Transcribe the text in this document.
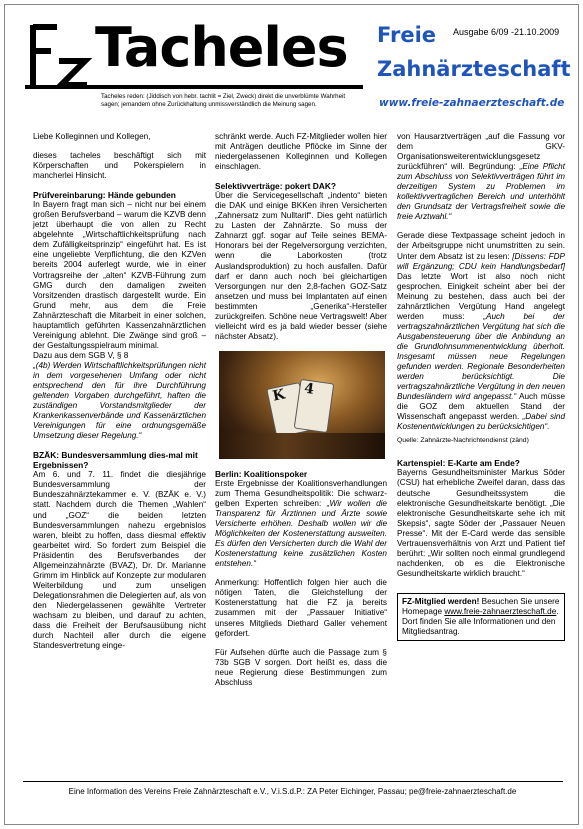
Tacheles
Tacheles reden: (Jiddisch von hebr. tachlit = Ziel, Zweck) direkt die unverblümte Wahrheit sagen; jemandem ohne Zurückhaltung unmissverständlich die Meinung sagen.
Freie Ausgabe 6/09 -21.10.2009
Zahnärzteschaft
www.freie-zahnaerzteschaft.de

Liebe Kolleginnen und Kollegen,

dieses tacheles beschäftigt sich mit Körperschaften und Pokerspielern in mancherlei Hinsicht.

Prüfvereinbarung: Hände gebunden

In Bayern fragt man sich – nicht nur bei einem großen Berufsverband – warum die KZVB denn jetzt überhaupt die von allen zu Recht abgelehnte „Wirtschaftlichkeitsprüfung nach dem Zufälligkeitsprinzip“ eingeführt hat. Es ist eine ungeliebte Verpflichtung, die den KZVen bereits 2004 auferlegt wurde, wie in einer Vortragsreihe der „alten“ KZVB-Führung zum GMG durch den damaligen zweiten Vorsitzenden drastisch dargestellt wurde. Ein Grund mehr, aus dem die Freie Zahnärzteschaft die Mitarbeit in einer solchen, hauptamtlich geführten Kassenzahnärztlichen Vereinigung ablehnt. Die Zwänge sind groß – der Gestaltungsspielraum minimal.

Dazu aus dem SGB V, § 8

„(4b) Werden Wirtschaftlichkeitsprüfungen nicht in dem vorgesehenen Umfang oder nicht entsprechend den für ihre Durchführung geltenden Vorgaben durchgeführt, haften die zuständigen Vorstandsmitglieder der Krankenkassenverbände und Kassenärztlichen Vereinigungen für eine ordnungsgemäße Umsetzung dieser Regelung.“

BZÄK: Bundesversammlung dies-mal mit Ergebnissen?

Am 6. und 7. 11. findet die diesjährige Bundesversammlung der Bundeszahnärztekammer e. V. (BZÄK e. V.) statt. Nachdem durch die Themen „Wahlen“ und „GOZ“ die beiden letzten Bundesversammlungen nahezu ergebnislos waren, bleibt zu hoffen, dass diesmal effektiv gearbeitet wird. So fordert zum Beispiel die Präsidentin des Berufsverbandes der Allgemeinzahnärzte (BVAZ), Dr. Dr. Marianne Grimm im Hinblick auf Konzepte zur modularen Weiterbildung und zum unseligen Delegationsrahmen die Delegierten auf, als von den Niedergelassenen gewählte Vertreter wachsam zu bleiben, und darauf zu achten, dass die Freiheit der Berufsausübung nicht durch Nachteil aller durch die eigene Standesvertretung einge-

schränkt werde. Auch FZ-Mitglieder wollen hier mit Anträgen deutliche Pflöcke im Sinne der niedergelassenen Kolleginnen und Kollegen einschlagen.

Selektivverträge: pokert DAK?

Über die Servicegesellschaft „indento“ bieten die DAK und einige BKKen ihren Versicherten „Zahnersatz zum Nulltarif“. Dies geht natürlich zu Lasten der Zahnärzte. So muss der Zahnarzt ggf. sogar auf Teile seines BEMA-Honorars bei der Regelversorgung verzichten, wenn die Laborkosten (trotz Auslandsproduktion) zu hoch ausfallen. Dafür darf er dann auch noch bei gleichartigen Versorgungen nur den 2,8-fachen GOZ-Satz ansetzen und muss bei Implantaten auf einen bestimmten „Generika“-Hersteller zurückgreifen. Schöne neue Vertragswelt! Aber vielleicht wird es ja bald wieder besser (siehe nächster Absatz).

K 4
Berlin: Koalitionspoker

Erste Ergebnisse der Koalitionsverhandlungen zum Thema Gesundheitspolitik: Die schwarz-gelben Experten schreiben: „Wir wollen die Transparenz für Ärztinnen und Ärzte sowie Versicherte erhöhen. Deshalb wollen wir die Möglichkeiten der Kostenerstattung ausweiten. Es dürfen den Versicherten durch die Wahl der Kostenerstattung keine zusätzlichen Kosten entstehen.“

Anmerkung: Hoffentlich folgen hier auch die nötigen Taten, die Gleichstellung der Kostenerstattung hat die FZ ja bereits zusammen mit der „Passauer Initiative“ unseres Mitglieds Diethard Galler vehement gefordert.

Für Aufsehen dürfte auch die Passage zum § 73b SGB V sorgen. Dort heißt es, dass die neue Regierung diese Bestimmungen zum Abschluss

von Hausarztverträgen „auf die Fassung vor dem GKV-Organisationsweiterentwicklungsgesetz zurückführen“ will. Begründung: „Eine Pflicht zum Abschluss von Selektivverträgen führt im derzeitigen System zu Problemen im kollektivvertraglichen Bereich und unterhöhlt den Grundsatz der Vertragsfreiheit sowie die freie Arztwahl.“

Gerade diese Textpassage scheint jedoch in der Arbeitsgruppe nicht unumstritten zu sein. Unter dem Absatz ist zu lesen: [Dissens: FDP will Ergänzung; CDU kein Handlungsbedarf] Das letzte Wort ist also noch nicht gesprochen. Einigkeit scheint aber bei der Meinung zu bestehen, dass auch bei der zahnärztlichen Vergütung Hand angelegt werden muss: „Auch bei der vertragszahnärztlichen Vergütung hat sich die Ausgabensteuerung über die Anbindung an die Grundlohnsummenentwicklung überholt. Insgesamt müssen neue Regelungen gefunden werden. Regionale Besonderheiten werden berücksichtigt. Die vertragszahnärztliche Vergütung in den neuen Bundesländern wird angepasst.“ Auch müsse die GOZ dem aktuellen Stand der Wissenschaft angepasst werden. „Dabei sind Kostenentwicklungen zu berücksichtigen“.

Quelle: Zahnärzte-Nachrichtendienst (zänd)

Kartenspiel: E-Karte am Ende?

Bayerns Gesundheitsminister Markus Söder (CSU) hat erhebliche Zweifel daran, dass das deutsche Gesundheitssystem die elektronische Gesundheitskarte benötigt. „Die elektronische Gesundheitskarte sehe ich mit Skepsis“, sagte Söder der „Passauer Neuen Presse“. Mit der E-Card werde das sensible Vertrauensverhältnis von Arzt und Patient tief berührt: „Wir sollten noch einmal grundlegend nachdenken, ob es die Elektronische Gesundheitskarte wirklich braucht.“

FZ-Mitglied werden! Besuchen Sie unsere Homepage www.freie-zahnaerzteschaft.de. Dort finden Sie alle Informationen und den Mitgliedsantrag.
Eine Information des Vereins Freie Zahnärzteschaft e.V., V.i.S.d.P.: ZA Peter Eichinger, Passau; pe@freie-zahnaerzteschaft.de
